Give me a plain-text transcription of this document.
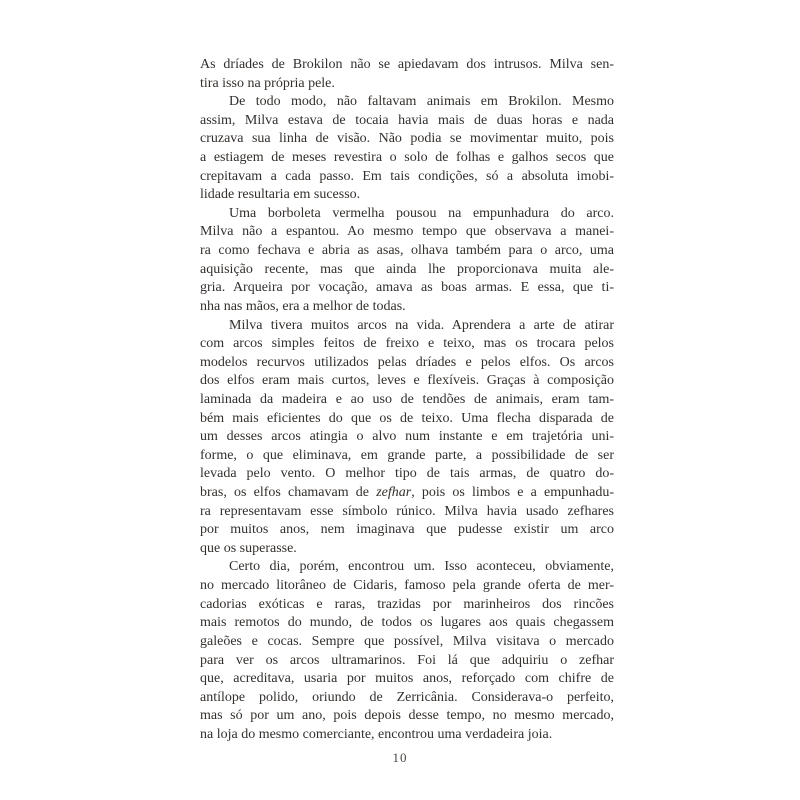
As dríades de Brokilon não se apiedavam dos intrusos. Milva sen-
tira isso na própria pele.
De todo modo, não faltavam animais em Brokilon. Mesmo
assim, Milva estava de tocaia havia mais de duas horas e nada
cruzava sua linha de visão. Não podia se movimentar muito, pois
a estiagem de meses revestira o solo de folhas e galhos secos que
crepitavam a cada passo. Em tais condições, só a absoluta imobi-
lidade resultaria em sucesso.
Uma borboleta vermelha pousou na empunhadura do arco.
Milva não a espantou. Ao mesmo tempo que observava a manei-
ra como fechava e abria as asas, olhava também para o arco, uma
aquisição recente, mas que ainda lhe proporcionava muita ale-
gria. Arqueira por vocação, amava as boas armas. E essa, que ti-
nha nas mãos, era a melhor de todas.
Milva tivera muitos arcos na vida. Aprendera a arte de atirar
com arcos simples feitos de freixo e teixo, mas os trocara pelos
modelos recurvos utilizados pelas dríades e pelos elfos. Os arcos
dos elfos eram mais curtos, leves e flexíveis. Graças à composição
laminada da madeira e ao uso de tendões de animais, eram tam-
bém mais eficientes do que os de teixo. Uma flecha disparada de
um desses arcos atingia o alvo num instante e em trajetória uni-
forme, o que eliminava, em grande parte, a possibilidade de ser
levada pelo vento. O melhor tipo de tais armas, de quatro do-
bras, os elfos chamavam de zefhar, pois os limbos e a empunhadu-
ra representavam esse símbolo rúnico. Milva havia usado zefhares
por muitos anos, nem imaginava que pudesse existir um arco
que os superasse.
Certo dia, porém, encontrou um. Isso aconteceu, obviamente,
no mercado litorâneo de Cidaris, famoso pela grande oferta de mer-
cadorias exóticas e raras, trazidas por marinheiros dos rincões
mais remotos do mundo, de todos os lugares aos quais chegassem
galeões e cocas. Sempre que possível, Milva visitava o mercado
para ver os arcos ultramarinos. Foi lá que adquiriu o zefhar
que, acreditava, usaria por muitos anos, reforçado com chifre de
antílope polido, oriundo de Zerricânia. Considerava-o perfeito,
mas só por um ano, pois depois desse tempo, no mesmo mercado,
na loja do mesmo comerciante, encontrou uma verdadeira joia.
10
